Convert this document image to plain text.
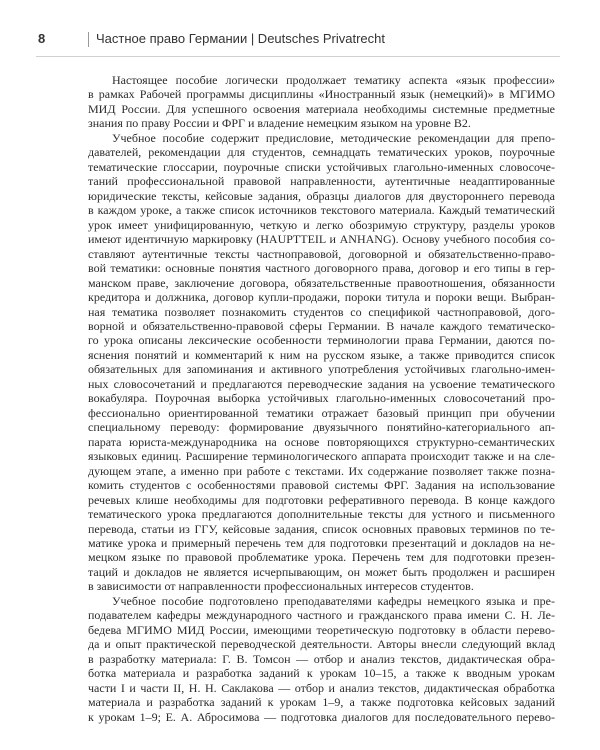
8	Частное право Германии | Deutsches Privatrecht
Настоящее пособие логически продолжает тематику аспекта «язык профессии»
в рамках Рабочей программы дисциплины «Иностранный язык (немецкий)» в МГИМО
МИД России. Для успешного освоения материала необходимы системные предметные
знания по праву России и ФРГ и владение немецким языком на уровне В2.
Учебное пособие содержит предисловие, методические рекомендации для препо-
давателей, рекомендации для студентов, семнадцать тематических уроков, поурочные
тематические глоссарии, поурочные списки устойчивых глагольно-именных словосоче-
таний профессиональной правовой направленности, аутентичные неадаптированные
юридические тексты, кейсовые задания, образцы диалогов для двустороннего перевода
в каждом уроке, а также список источников текстового материала. Каждый тематический
урок имеет унифицированную, четкую и легко обозримую структуру, разделы уроков
имеют идентичную маркировку (HAUPTTEIL и ANHANG). Основу учебного пособия со-
ставляют аутентичные тексты частноправовой, договорной и обязательственно-право-
вой тематики: основные понятия частного договорного права, договор и его типы в гер-
манском праве, заключение договора, обязательственные правоотношения, обязанности
кредитора и должника, договор купли-продажи, пороки титула и пороки вещи. Выбран-
ная тематика позволяет познакомить студентов со спецификой частноправовой, дого-
ворной и обязательственно-правовой сферы Германии. В начале каждого тематическо-
го урока описаны лексические особенности терминологии права Германии, даются по-
яснения понятий и комментарий к ним на русском языке, а также приводится список
обязательных для запоминания и активного употребления устойчивых глагольно-имен-
ных словосочетаний и предлагаются переводческие задания на усвоение тематического
вокабуляра. Поурочная выборка устойчивых глагольно-именных словосочетаний про-
фессионально ориентированной тематики отражает базовый принцип при обучении
специальному переводу: формирование двуязычного понятийно-категориального ап-
парата юриста-международника на основе повторяющихся структурно-семантических
языковых единиц. Расширение терминологического аппарата происходит также и на сле-
дующем этапе, а именно при работе с текстами. Их содержание позволяет также позна-
комить студентов с особенностями правовой системы ФРГ. Задания на использование
речевых клише необходимы для подготовки реферативного перевода. В конце каждого
тематического урока предлагаются дополнительные тексты для устного и письменного
перевода, статьи из ГГУ, кейсовые задания, список основных правовых терминов по те-
матике урока и примерный перечень тем для подготовки презентаций и докладов на не-
мецком языке по правовой проблематике урока. Перечень тем для подготовки презен-
таций и докладов не является исчерпывающим, он может быть продолжен и расширен
в зависимости от направленности профессиональных интересов студентов.
Учебное пособие подготовлено преподавателями кафедры немецкого языка и пре-
подавателем кафедры международного частного и гражданского права имени С. Н. Ле-
бедева МГИМО МИД России, имеющими теоретическую подготовку в области перево-
да и опыт практической переводческой деятельности. Авторы внесли следующий вклад
в разработку материала: Г. В. Томсон — отбор и анализ текстов, дидактическая обра-
ботка материала и разработка заданий к урокам 10–15, а также к вводным урокам
части I и части II, Н. Н. Саклакова — отбор и анализ текстов, дидактическая обработка
материала и разработка заданий к урокам 1–9, а также подготовка кейсовых заданий
к урокам 1–9; Е. А. Абросимова — подготовка диалогов для последовательного перево-
